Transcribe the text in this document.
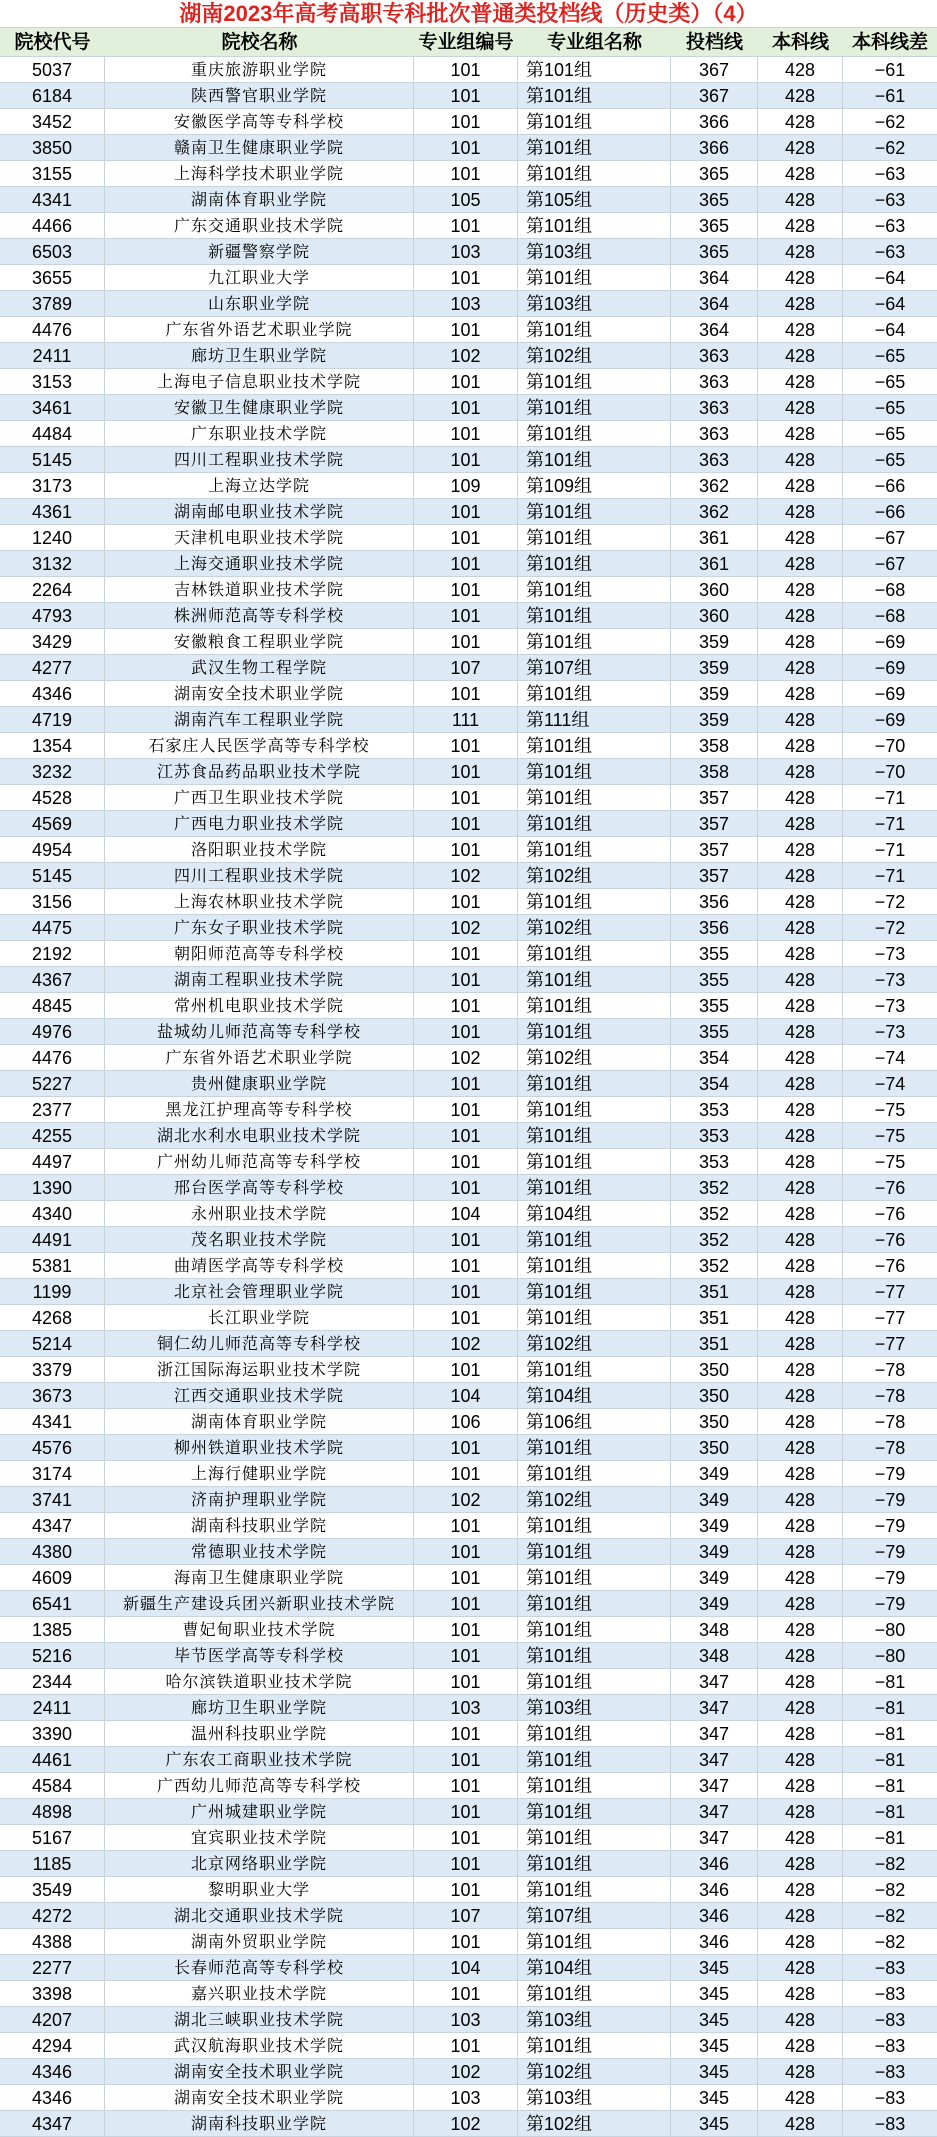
湖南2023年高考高职专科批次普通类投档线（历史类）（4）
院校代号	院校名称	专业组编号	专业组名称	投档线	本科线	本科线差
5037	重庆旅游职业学院	101	第101组	367	428	−61
6184	陕西警官职业学院	101	第101组	367	428	−61
3452	安徽医学高等专科学校	101	第101组	366	428	−62
3850	赣南卫生健康职业学院	101	第101组	366	428	−62
3155	上海科学技术职业学院	101	第101组	365	428	−63
4341	湖南体育职业学院	105	第105组	365	428	−63
4466	广东交通职业技术学院	101	第101组	365	428	−63
6503	新疆警察学院	103	第103组	365	428	−63
3655	九江职业大学	101	第101组	364	428	−64
3789	山东职业学院	103	第103组	364	428	−64
4476	广东省外语艺术职业学院	101	第101组	364	428	−64
2411	廊坊卫生职业学院	102	第102组	363	428	−65
3153	上海电子信息职业技术学院	101	第101组	363	428	−65
3461	安徽卫生健康职业学院	101	第101组	363	428	−65
4484	广东职业技术学院	101	第101组	363	428	−65
5145	四川工程职业技术学院	101	第101组	363	428	−65
3173	上海立达学院	109	第109组	362	428	−66
4361	湖南邮电职业技术学院	101	第101组	362	428	−66
1240	天津机电职业技术学院	101	第101组	361	428	−67
3132	上海交通职业技术学院	101	第101组	361	428	−67
2264	吉林铁道职业技术学院	101	第101组	360	428	−68
4793	株洲师范高等专科学校	101	第101组	360	428	−68
3429	安徽粮食工程职业学院	101	第101组	359	428	−69
4277	武汉生物工程学院	107	第107组	359	428	−69
4346	湖南安全技术职业学院	101	第101组	359	428	−69
4719	湖南汽车工程职业学院	111	第111组	359	428	−69
1354	石家庄人民医学高等专科学校	101	第101组	358	428	−70
3232	江苏食品药品职业技术学院	101	第101组	358	428	−70
4528	广西卫生职业技术学院	101	第101组	357	428	−71
4569	广西电力职业技术学院	101	第101组	357	428	−71
4954	洛阳职业技术学院	101	第101组	357	428	−71
5145	四川工程职业技术学院	102	第102组	357	428	−71
3156	上海农林职业技术学院	101	第101组	356	428	−72
4475	广东女子职业技术学院	102	第102组	356	428	−72
2192	朝阳师范高等专科学校	101	第101组	355	428	−73
4367	湖南工程职业技术学院	101	第101组	355	428	−73
4845	常州机电职业技术学院	101	第101组	355	428	−73
4976	盐城幼儿师范高等专科学校	101	第101组	355	428	−73
4476	广东省外语艺术职业学院	102	第102组	354	428	−74
5227	贵州健康职业学院	101	第101组	354	428	−74
2377	黑龙江护理高等专科学校	101	第101组	353	428	−75
4255	湖北水利水电职业技术学院	101	第101组	353	428	−75
4497	广州幼儿师范高等专科学校	101	第101组	353	428	−75
1390	邢台医学高等专科学校	101	第101组	352	428	−76
4340	永州职业技术学院	104	第104组	352	428	−76
4491	茂名职业技术学院	101	第101组	352	428	−76
5381	曲靖医学高等专科学校	101	第101组	352	428	−76
1199	北京社会管理职业学院	101	第101组	351	428	−77
4268	长江职业学院	101	第101组	351	428	−77
5214	铜仁幼儿师范高等专科学校	102	第102组	351	428	−77
3379	浙江国际海运职业技术学院	101	第101组	350	428	−78
3673	江西交通职业技术学院	104	第104组	350	428	−78
4341	湖南体育职业学院	106	第106组	350	428	−78
4576	柳州铁道职业技术学院	101	第101组	350	428	−78
3174	上海行健职业学院	101	第101组	349	428	−79
3741	济南护理职业学院	102	第102组	349	428	−79
4347	湖南科技职业学院	101	第101组	349	428	−79
4380	常德职业技术学院	101	第101组	349	428	−79
4609	海南卫生健康职业学院	101	第101组	349	428	−79
6541	新疆生产建设兵团兴新职业技术学院	101	第101组	349	428	−79
1385	曹妃甸职业技术学院	101	第101组	348	428	−80
5216	毕节医学高等专科学校	101	第101组	348	428	−80
2344	哈尔滨铁道职业技术学院	101	第101组	347	428	−81
2411	廊坊卫生职业学院	103	第103组	347	428	−81
3390	温州科技职业学院	101	第101组	347	428	−81
4461	广东农工商职业技术学院	101	第101组	347	428	−81
4584	广西幼儿师范高等专科学校	101	第101组	347	428	−81
4898	广州城建职业学院	101	第101组	347	428	−81
5167	宜宾职业技术学院	101	第101组	347	428	−81
1185	北京网络职业学院	101	第101组	346	428	−82
3549	黎明职业大学	101	第101组	346	428	−82
4272	湖北交通职业技术学院	107	第107组	346	428	−82
4388	湖南外贸职业学院	101	第101组	346	428	−82
2277	长春师范高等专科学校	104	第104组	345	428	−83
3398	嘉兴职业技术学院	101	第101组	345	428	−83
4207	湖北三峡职业技术学院	103	第103组	345	428	−83
4294	武汉航海职业技术学院	101	第101组	345	428	−83
4346	湖南安全技术职业学院	102	第102组	345	428	−83
4346	湖南安全技术职业学院	103	第103组	345	428	−83
4347	湖南科技职业学院	102	第102组	345	428	−83
